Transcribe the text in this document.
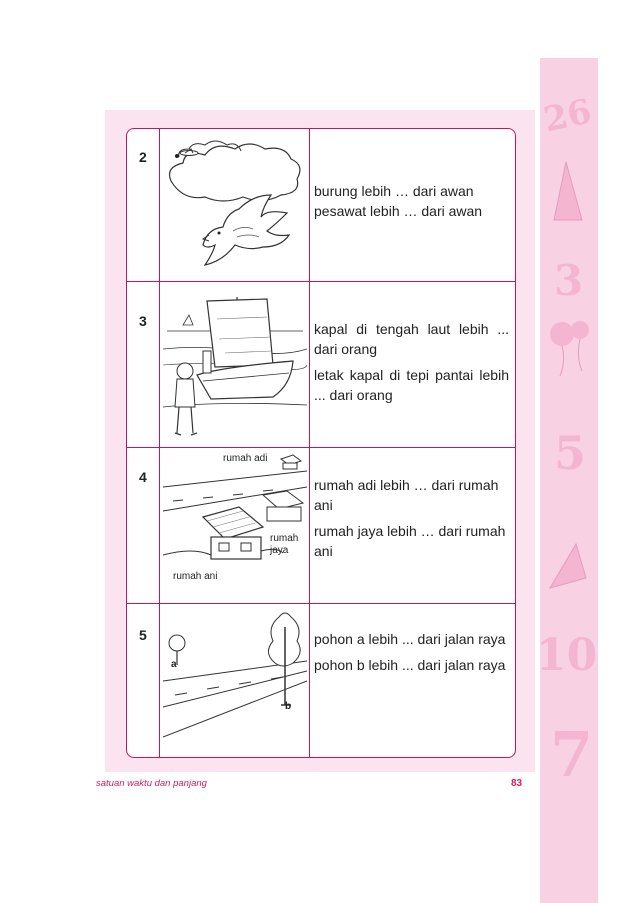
26
3
5
10
7
2

burung lebih … dari awan

pesawat lebih … dari awan

3	kapal di tengah laut lebih ... dari orang

letak kapal di tepi pantai lebih ... dari orang

4
rumah adi
rumah
jaya
rumah ani

rumah adi lebih … dari rumah ani

rumah jaya lebih … dari rumah ani

5
a
b

pohon a lebih ... dari jalan raya

pohon b lebih ... dari jalan raya

satuan waktu dan panjang	83
